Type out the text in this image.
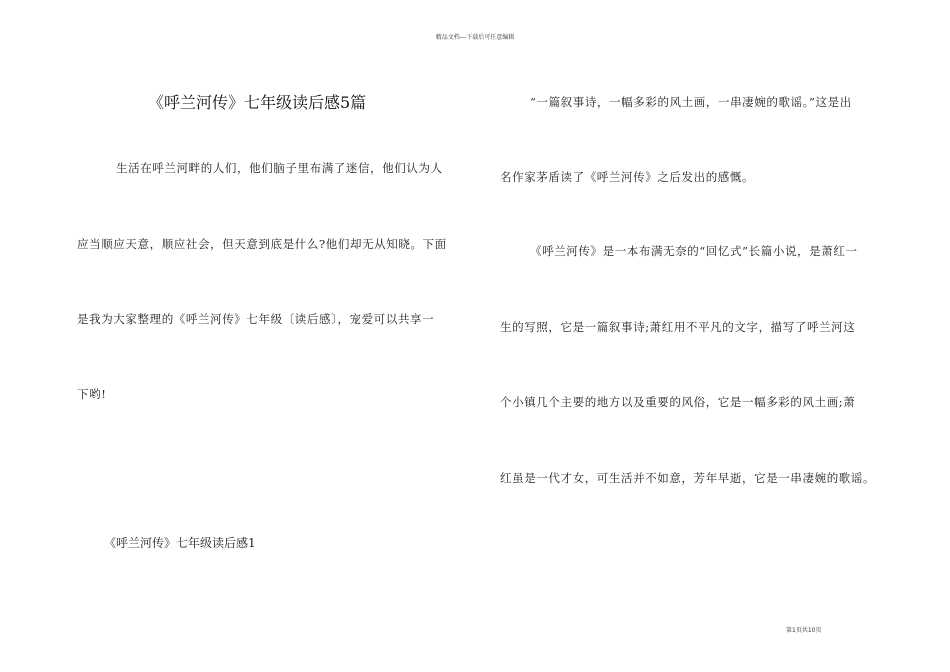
精品文档---下载后可任意编辑
《呼兰河传》七年级读后感5篇
生活在呼兰河畔的人们，他们脑子里布满了迷信，他们认为人
应当顺应天意，顺应社会，但天意到底是什么?他们却无从知晓。下面
是我为大家整理的《呼兰河传》七年级〔读后感〕，宠爱可以共享一
下哟!
《呼兰河传》七年级读后感1
“一篇叙事诗，一幅多彩的风土画，一串凄婉的歌谣。”这是出
名作家茅盾读了《呼兰河传》之后发出的感慨。
《呼兰河传》是一本布满无奈的“回忆式”长篇小说，是萧红一
生的写照，它是一篇叙事诗;萧红用不平凡的文字，描写了呼兰河这
个小镇几个主要的地方以及重要的风俗，它是一幅多彩的风土画;萧
红虽是一代才女，可生活并不如意，芳年早逝，它是一串凄婉的歌谣。
第1页共10页
